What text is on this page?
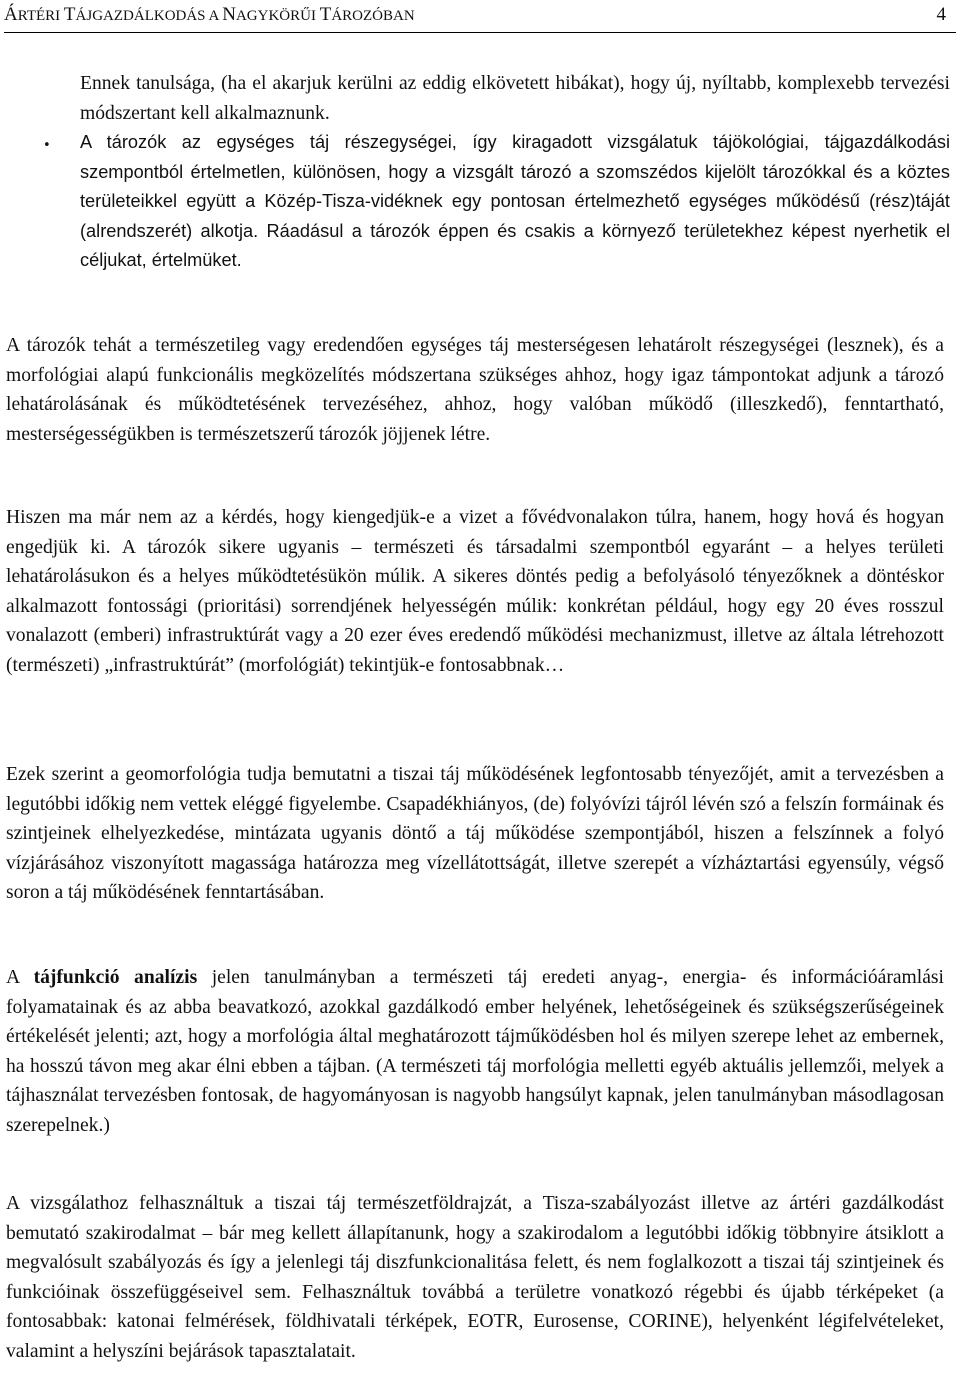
ÁRTÉRI TÁJGAZDÁLKODÁS A NAGYKÖRŰI TÁROZÓBAN	4

Ennek tanulsága, (ha el akarjuk kerülni az eddig elkövetett hibákat), hogy új, nyíltabb, komplexebb tervezési módszertant kell alkalmaznunk.

• A tározók az egységes táj részegységei, így kiragadott vizsgálatuk tájökológiai, tájgazdálkodási szempontból értelmetlen, különösen, hogy a vizsgált tározó a szomszédos kijelölt tározókkal és a köztes területeikkel együtt a Közép-Tisza-vidéknek egy pontosan értelmezhető egységes működésű (rész)táját (alrendszerét) alkotja. Ráadásul a tározók éppen és csakis a környező területekhez képest nyerhetik el céljukat, értelmüket.

A tározók tehát a természetileg vagy eredendően egységes táj mesterségesen lehatárolt részegységei (lesznek), és a morfológiai alapú funkcionális megközelítés módszertana szükséges ahhoz, hogy igaz támpontokat adjunk a tározó lehatárolásának és működtetésének tervezéséhez, ahhoz, hogy valóban működő (illeszkedő), fenntartható, mesterségességükben is természetszerű tározók jöjjenek létre.

Hiszen ma már nem az a kérdés, hogy kiengedjük-e a vizet a fővédvonalakon túlra, hanem, hogy hová és hogyan engedjük ki. A tározók sikere ugyanis – természeti és társadalmi szempontból egyaránt – a helyes területi lehatárolásukon és a helyes működtetésükön múlik. A sikeres döntés pedig a befolyásoló tényezőknek a döntéskor alkalmazott fontossági (prioritási) sorrendjének helyességén múlik: konkrétan például, hogy egy 20 éves rosszul vonalazott (emberi) infrastruktúrát vagy a 20 ezer éves eredendő működési mechanizmust, illetve az általa létrehozott (természeti) „infrastruktúrát” (morfológiát) tekintjük-e fontosabbnak…

Ezek szerint a geomorfológia tudja bemutatni a tiszai táj működésének legfontosabb tényezőjét, amit a tervezésben a legutóbbi időkig nem vettek eléggé figyelembe. Csapadékhiányos, (de) folyóvízi tájról lévén szó a felszín formáinak és szintjeinek elhelyezkedése, mintázata ugyanis döntő a táj működése szempontjából, hiszen a felszínnek a folyó vízjárásához viszonyított magassága határozza meg vízellátottságát, illetve szerepét a vízháztartási egyensúly, végső soron a táj működésének fenntartásában.

A tájfunkció analízis jelen tanulmányban a természeti táj eredeti anyag-, energia- és információáramlási folyamatainak és az abba beavatkozó, azokkal gazdálkodó ember helyének, lehetőségeinek és szükségszerűségeinek értékelését jelenti; azt, hogy a morfológia által meghatározott tájműködésben hol és milyen szerepe lehet az embernek, ha hosszú távon meg akar élni ebben a tájban. (A természeti táj morfológia melletti egyéb aktuális jellemzői, melyek a tájhasználat tervezésben fontosak, de hagyományosan is nagyobb hangsúlyt kapnak, jelen tanulmányban másodlagosan szerepelnek.)

A vizsgálathoz felhasználtuk a tiszai táj természetföldrajzát, a Tisza-szabályozást illetve az ártéri gazdálkodást bemutató szakirodalmat – bár meg kellett állapítanunk, hogy a szakirodalom a legutóbbi időkig többnyire átsiklott a megvalósult szabályozás és így a jelenlegi táj diszfunkcionalitása felett, és nem foglalkozott a tiszai táj szintjeinek és funkcióinak összefüggéseivel sem. Felhasználtuk továbbá a területre vonatkozó régebbi és újabb térképeket (a fontosabbak: katonai felmérések, földhivatali térképek, EOTR, Eurosense, CORINE), helyenként légifelvételeket, valamint a helyszíni bejárások tapasztalatait.
